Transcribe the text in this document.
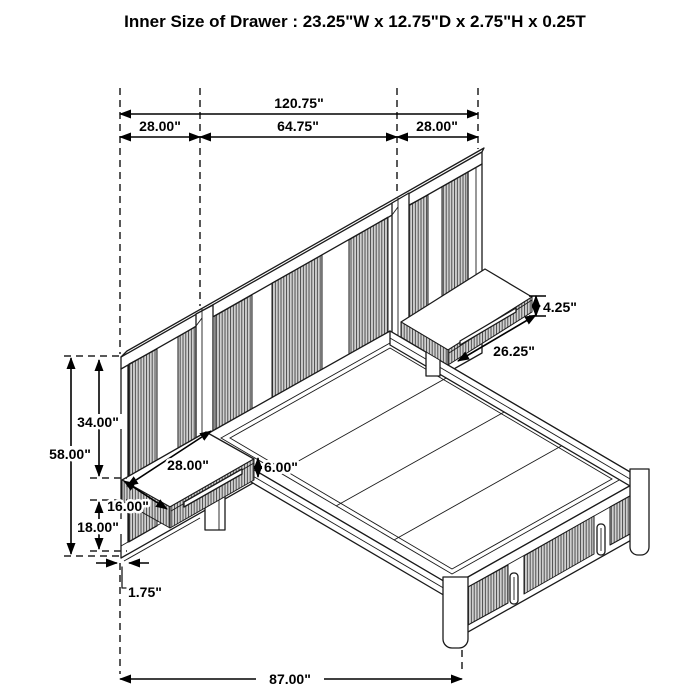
Inner Size of Drawer : 23.25"W x 12.75"D x 2.75"H x 0.25T
120.75"
28.00"	64.75"	28.00"
58.00"
34.00"
18.00"
1.75"
28.00"
16.00"
6.00"
4.25"
26.25"
87.00"
